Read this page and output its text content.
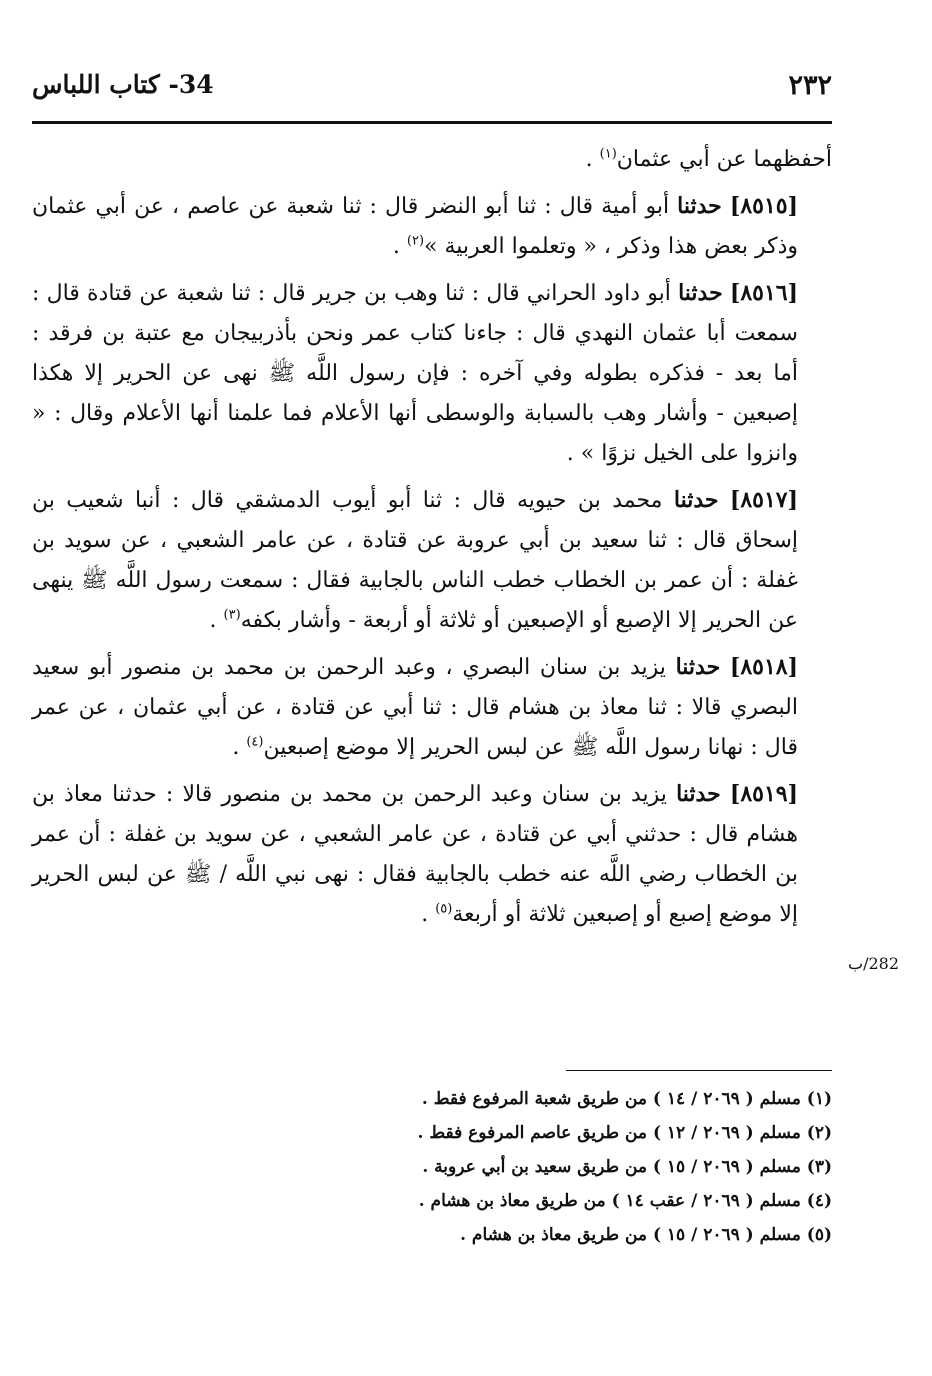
٢٣٢
34- كتاب اللباس

أحفظهما عن أبي عثمان$^{(١)}$ .

[٨٥١٥] حدثنا أبو أمية قال : ثنا أبو النضر قال : ثنا شعبة عن عاصم ، عن أبي عثمان وذكر بعض هذا وذكر ، « وتعلموا العربية »$^{(٢)}$ .

[٨٥١٦] حدثنا أبو داود الحراني قال : ثنا وهب بن جرير قال : ثنا شعبة عن قتادة قال : سمعت أبا عثمان النهدي قال : جاءنا كتاب عمر ونحن بأذربيجان مع عتبة بن فرقد : أما بعد - فذكره بطوله وفي آخره : فإن رسول اللَّه ﷺ نهى عن الحرير إلا هكذا إصبعين - وأشار وهب بالسبابة والوسطى أنها الأعلام فما علمنا أنها الأعلام وقال : « وانزوا على الخيل نزوًا » .

[٨٥١٧] حدثنا محمد بن حيويه قال : ثنا أبو أيوب الدمشقي قال : أنبا شعيب بن إسحاق قال : ثنا سعيد بن أبي عروبة عن قتادة ، عن عامر الشعبي ، عن سويد بن غفلة : أن عمر بن الخطاب خطب الناس بالجابية فقال : سمعت رسول اللَّه ﷺ ينهى عن الحرير إلا الإصبع أو الإصبعين أو ثلاثة أو أربعة - وأشار بكفه$^{(٣)}$ .

[٨٥١٨] حدثنا يزيد بن سنان البصري ، وعبد الرحمن بن محمد بن منصور أبو سعيد البصري قالا : ثنا معاذ بن هشام قال : ثنا أبي عن قتادة ، عن أبي عثمان ، عن عمر قال : نهانا رسول اللَّه ﷺ عن لبس الحرير إلا موضع إصبعين$^{(٤)}$ .

[٨٥١٩] حدثنا يزيد بن سنان وعبد الرحمن بن محمد بن منصور قالا : حدثنا معاذ بن هشام قال : حدثني أبي عن قتادة ، عن عامر الشعبي ، عن سويد بن غفلة : أن عمر بن الخطاب رضي اللَّه عنه خطب بالجابية فقال : نهى نبي اللَّه / ﷺ عن لبس الحرير إلا موضع إصبع أو إصبعين ثلاثة أو أربعة$^{(٥)}$ .

282/ب

(١) مسلم ( ٢٠٦٩ / ١٤ ) من طريق شعبة المرفوع فقط .

(٢) مسلم ( ٢٠٦٩ / ١٢ ) من طريق عاصم المرفوع فقط .

(٣) مسلم ( ٢٠٦٩ / ١٥ ) من طريق سعيد بن أبي عروبة .

(٤) مسلم ( ٢٠٦٩ / عقب ١٤ ) من طريق معاذ بن هشام .

(٥) مسلم ( ٢٠٦٩ / ١٥ ) من طريق معاذ بن هشام .
